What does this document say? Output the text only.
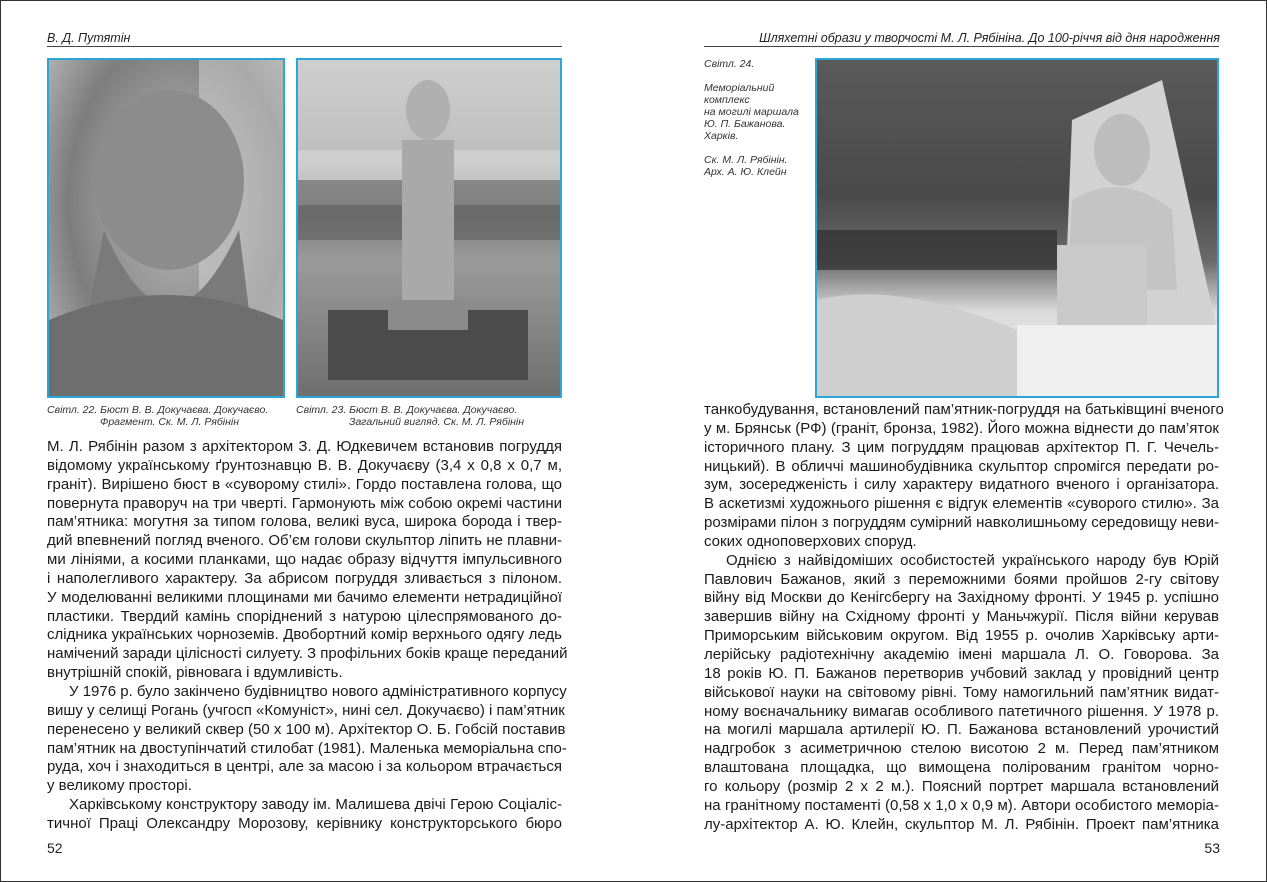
В. Д. Путятін
Світл. 22. Бюст В. В. Докучаєва. Докучаєво.
Фрагмент. Ск. М. Л. Рябінін
Світл. 23. Бюст В. В. Докучаєва. Докучаєво.
Загальний вигляд. Ск. М. Л. Рябінін
М. Л. Рябінін разом з архітектором З. Д. Юдкевичем встановив погруддя
відомому українському ґрунтознавцю В. В. Докучаєву (3,4 x 0,8 x 0,7 м,
граніт). Вирішено бюст в «суворому стилі». Гордо поставлена голова, що
повернута праворуч на три чверті. Гармонують між собою окремі частини
пам’ятника: могутня за типом голова, великі вуса, широка борода і твер-
дий впевнений погляд вченого. Об’єм голови скульптор ліпить не плавни-
ми лініями, а косими планками, що надає образу відчуття імпульсивного
і наполегливого характеру. За абрисом погруддя зливається з пілоном.
У моделюванні великими площинами ми бачимо елементи нетрадиційної
пластики. Твердий камінь споріднений з натурою цілеспрямованого до-
слідника українських чорноземів. Двобортний комір верхнього одягу ледь
намічений заради цілісності силуету. З профільних боків краще переданий
внутрішній спокій, рівновага і вдумливість.
У 1976 р. було закінчено будівництво нового адміністративного корпусу
вишу у селищі Рогань (учгосп «Комуніст», нині сел. Докучаєво) і пам’ятник
перенесено у великий сквер (50 x 100 м). Архітектор О. Б. Гобсій поставив
пам’ятник на двоступінчатий стилобат (1981). Маленька меморіальна спо-
руда, хоч і знаходиться в центрі, але за масою і за кольором втрачається
у великому просторі.
Харківському конструктору заводу ім. Малишева двічі Герою Соціаліс-
тичної Праці Олександру Морозову, керівнику конструкторського бюро
52
Шляхетні образи у творчості М. Л. Рябініна. До 100-річчя від дня народження
Світл. 24.
Меморіальний
комплекс
на могилі маршала
Ю. П. Бажанова.
Харків.
Ск. М. Л. Рябінін.
Арх. А. Ю. Клейн
танкобудування, встановлений пам’ятник-погруддя на батьківщині вченого
у м. Брянськ (РФ) (граніт, бронза, 1982). Його можна віднести до пам’яток
історичного плану. З цим погруддям працював архітектор П. Г. Чечель-
ницький). В обличчі машинобудівника скульптор спромігся передати ро-
зум, зосередженість і силу характеру видатного вченого і організатора.
В аскетизмі художнього рішення є відгук елементів «суворого стилю». За
розмірами пілон з погруддям сумірний навколишньому середовищу неви-
соких одноповерхових споруд.
Однією з найвідоміших особистостей українського народу був Юрій
Павлович Бажанов, який з переможними боями пройшов 2-гу світову
війну від Москви до Кенігсбергу на Західному фронті. У 1945 р. успішно
завершив війну на Східному фронті у Маньчжурії. Після війни керував
Приморським військовим округом. Від 1955 р. очолив Харківську арти-
лерійську радіотехнічну академію імені маршала Л. О. Говорова. За
18 років Ю. П. Бажанов перетворив учбовий заклад у провідний центр
військової науки на світовому рівні. Тому намогильний пам’ятник видат-
ному воєначальнику вимагав особливого патетичного рішення. У 1978 р.
на могилі маршала артилерії Ю. П. Бажанова встановлений урочистий
надгробок з асиметричною стелою висотою 2 м. Перед пам’ятником
влаштована площадка, що вимощена полірованим гранітом чорно-
го кольору (розмір 2 x 2 м.). Поясний портрет маршала встановлений
на гранітному постаменті (0,58 x 1,0 x 0,9 м). Автори особистого меморіа-
лу-архітектор А. Ю. Клейн, скульптор М. Л. Рябінін. Проект пам’ятника
53
